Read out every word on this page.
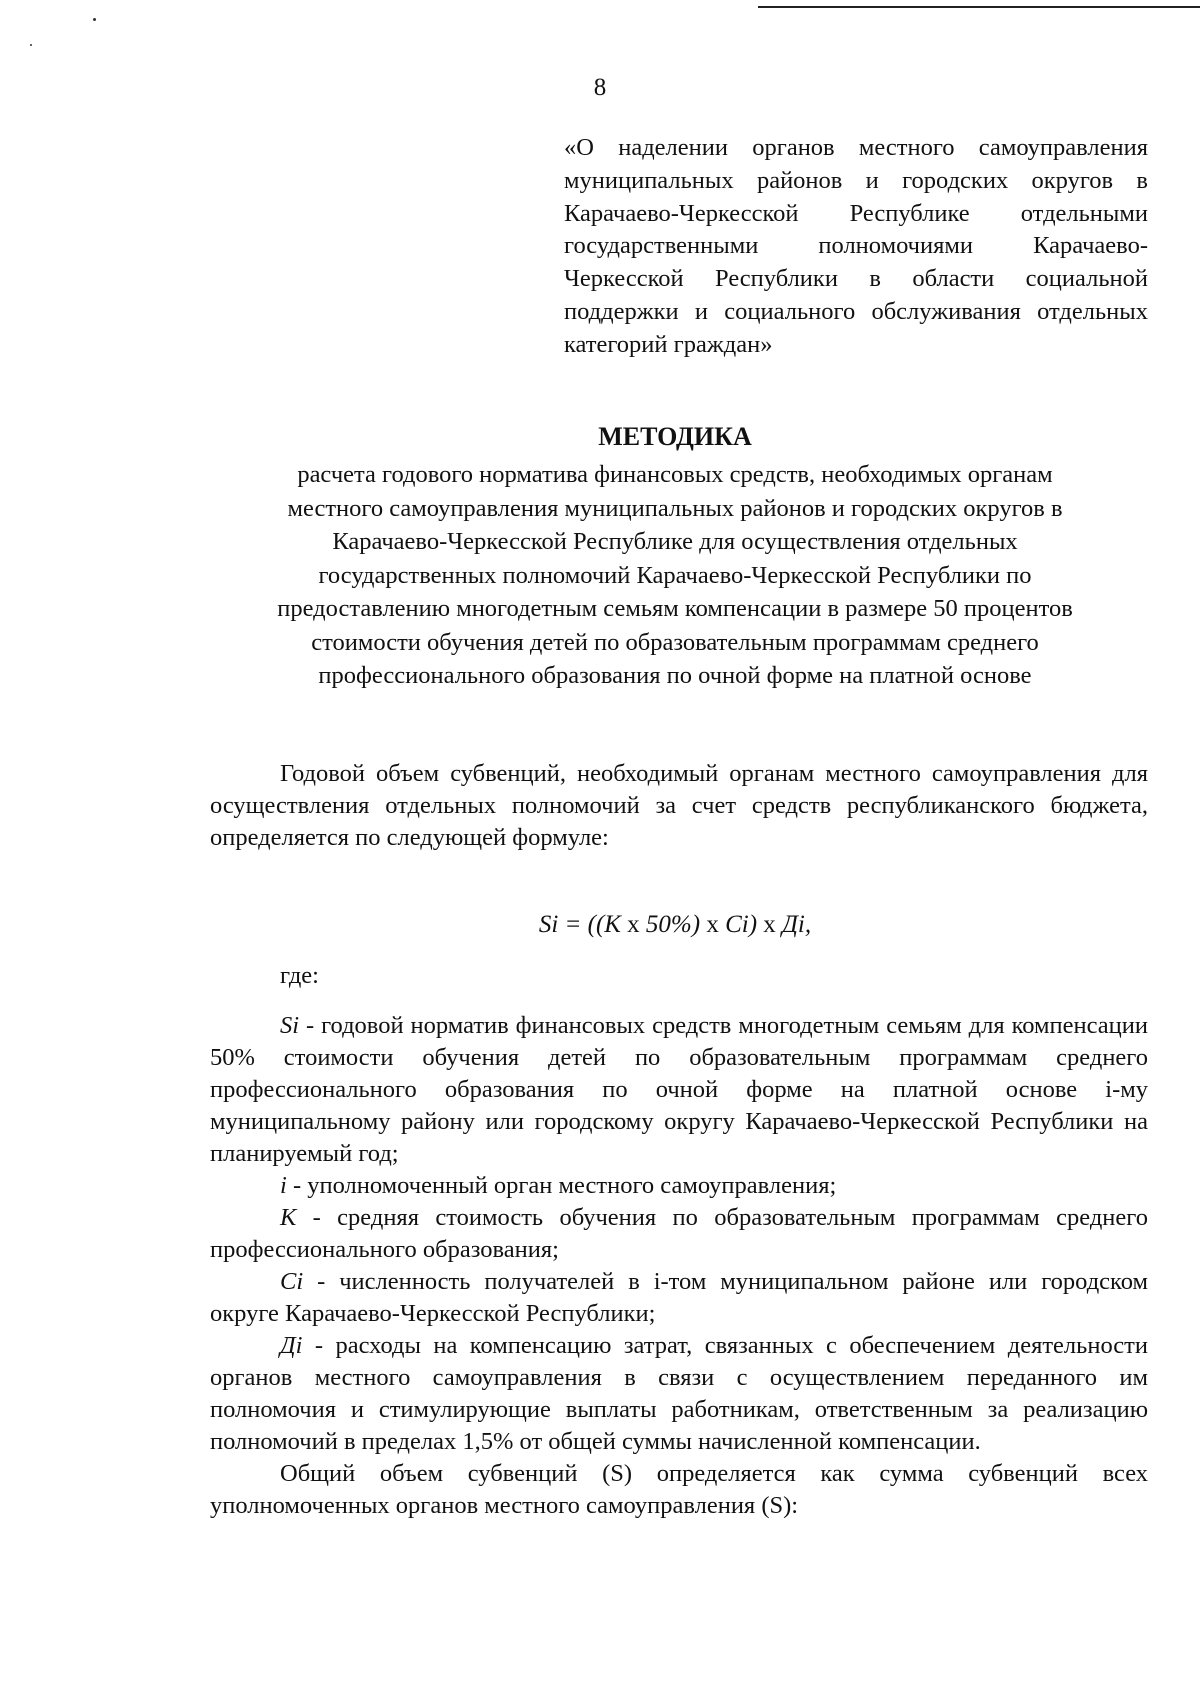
8
«О наделении органов местного самоуправления муниципальных районов и городских округов в Карачаево-Черкесской Республике отдельными государственными полномочиями Карачаево-Черкесской Республики в области социальной поддержки и социального обслуживания отдельных категорий граждан»
МЕТОДИКА
расчета годового норматива финансовых средств, необходимых органам
местного самоуправления муниципальных районов и городских округов в
Карачаево-Черкесской Республике для осуществления отдельных
государственных полномочий Карачаево-Черкесской Республики по
предоставлению многодетным семьям компенсации в размере 50 процентов
стоимости обучения детей по образовательным программам среднего
профессионального образования по очной форме на платной основе

Годовой объем субвенций, необходимый органам местного самоуправления для осуществления отдельных полномочий за счет средств республиканского бюджета, определяется по следующей формуле:

Si = ((К x 50%) x Ci) x Дi,
где:

Si - годовой норматив финансовых средств многодетным семьям для компенсации 50% стоимости обучения детей по образовательным программам среднего профессионального образования по очной форме на платной основе i-му муниципальному району или городскому округу Карачаево-Черкесской Республики на планируемый год;

i - уполномоченный орган местного самоуправления;

К - средняя стоимость обучения по образовательным программам среднего профессионального образования;

Ci - численность получателей в i-том муниципальном районе или городском округе Карачаево-Черкесской Республики;

Дi - расходы на компенсацию затрат, связанных с обеспечением деятельности органов местного самоуправления в связи с осуществлением переданного им полномочия и стимулирующие выплаты работникам, ответственным за реализацию полномочий в пределах 1,5% от общей суммы начисленной компенсации.

Общий объем субвенций (S) определяется как сумма субвенций всех уполномоченных органов местного самоуправления (S):
